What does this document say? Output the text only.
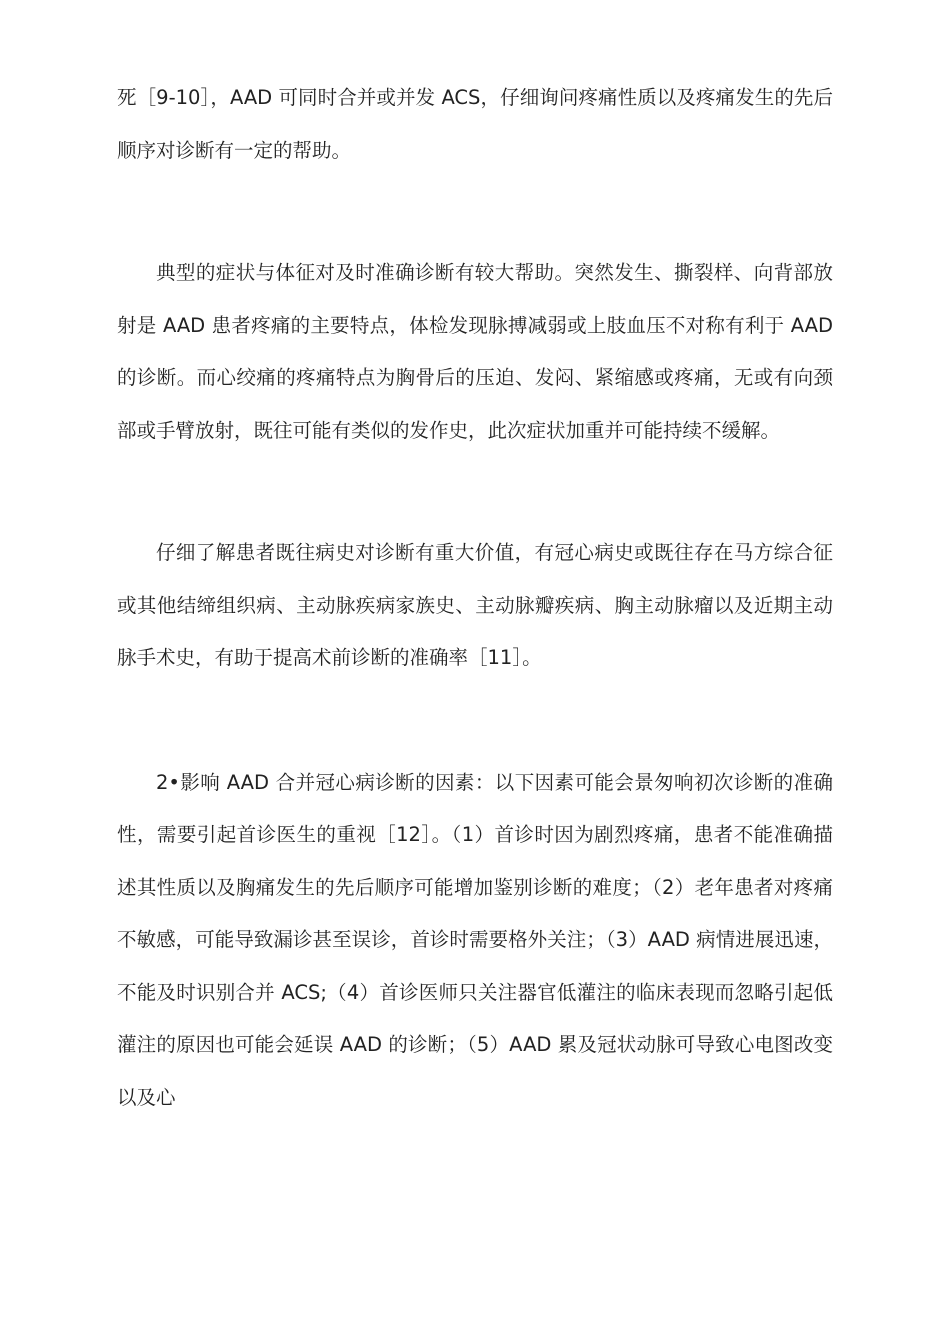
死［9-10］，AAD 可同时合并或并发 ACS，仔细询问疼痛性质以及疼痛发生的先后顺序对诊断有一定的帮助。

典型的症状与体征对及时准确诊断有较大帮助。突然发生、撕裂样、向背部放射是 AAD 患者疼痛的主要特点，体检发现脉搏减弱或上肢血压不对称有利于 AAD 的诊断。而心绞痛的疼痛特点为胸骨后的压迫、发闷、紧缩感或疼痛，无或有向颈部或手臂放射，既往可能有类似的发作史，此次症状加重并可能持续不缓解。

仔细了解患者既往病史对诊断有重大价值，有冠心病史或既往存在马方综合征或其他结缔组织病、主动脉疾病家族史、主动脉瓣疾病、胸主动脉瘤以及近期主动脉手术史，有助于提高术前诊断的准确率［11］。

2•影响 AAD 合并冠心病诊断的因素：以下因素可能会景匆响初次诊断的准确性，需要引起首诊医生的重视［12］。（1）首诊时因为剧烈疼痛，患者不能准确描述其性质以及胸痛发生的先后顺序可能增加鉴别诊断的难度；（2）老年患者对疼痛不敏感，可能导致漏诊甚至误诊，首诊时需要格外关注；（3）AAD 病情进展迅速，不能及时识别合并 ACS;（4）首诊医师只关注器官低灌注的临床表现而忽略引起低灌注的原因也可能会延误 AAD 的诊断；（5）AAD 累及冠状动脉可导致心电图改变以及心
